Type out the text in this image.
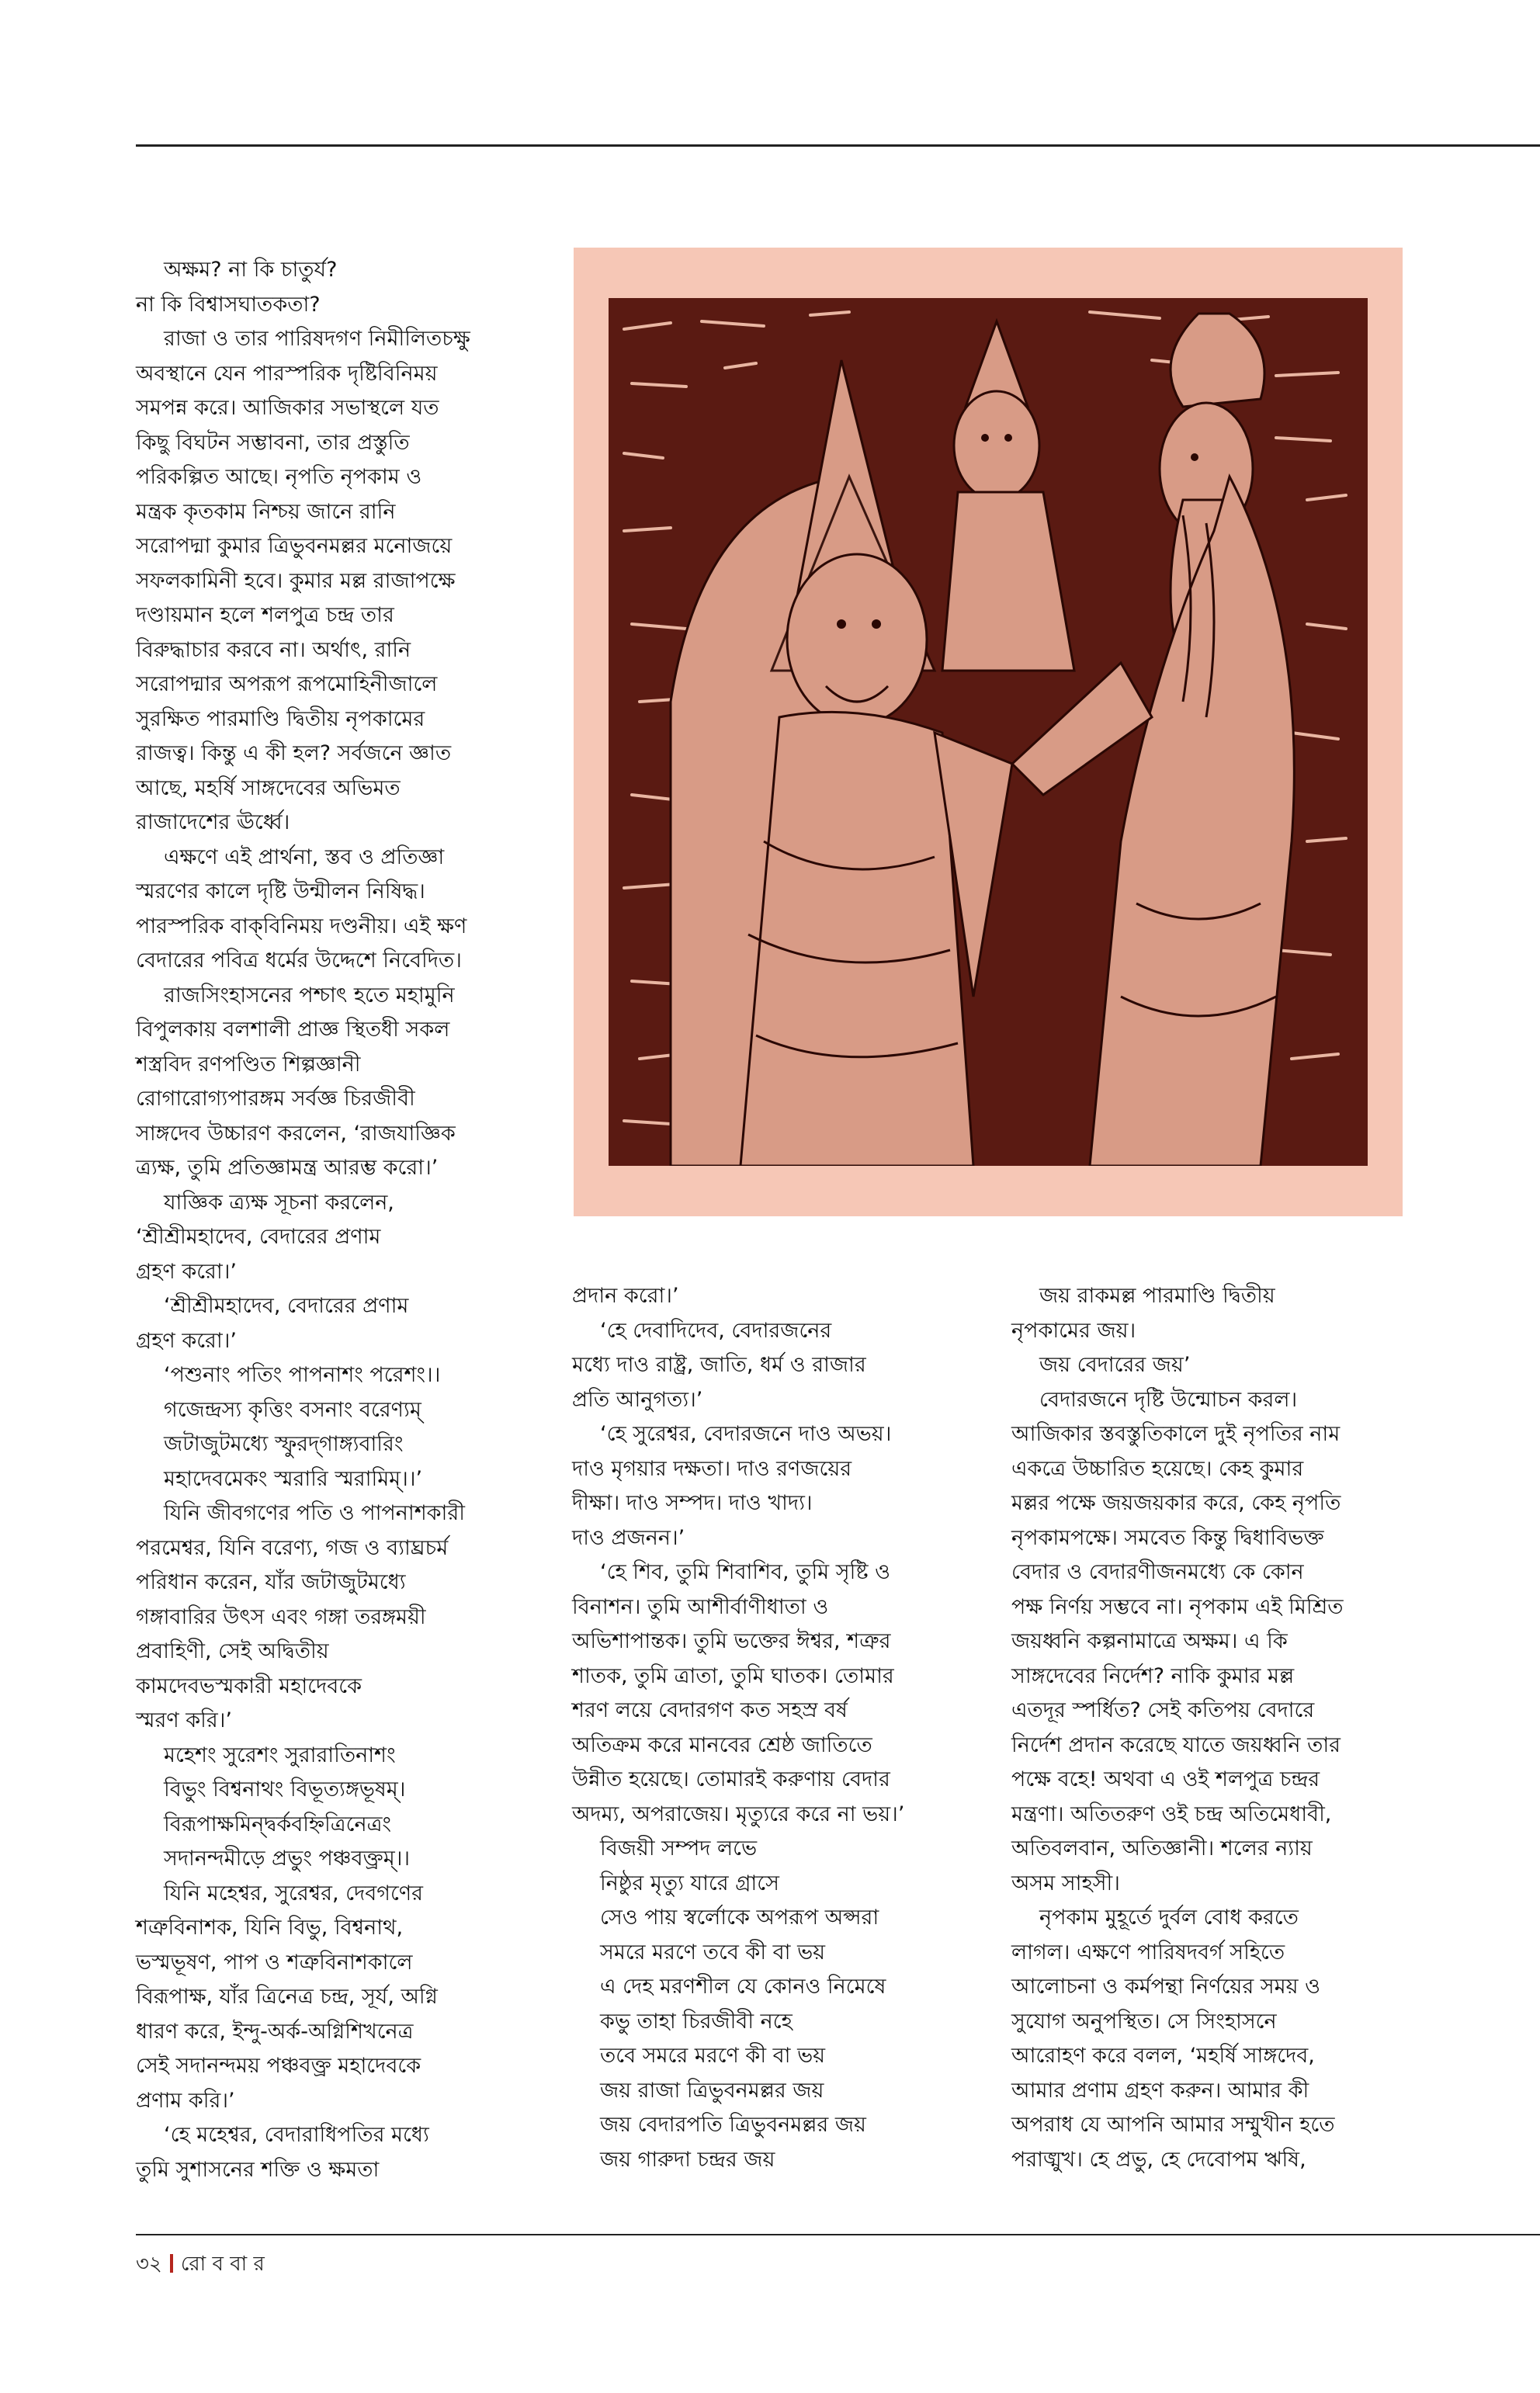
অক্ষম? না কি চাতুর্য?

না কি বিশ্বাসঘাতকতা?

রাজা ও তার পারিষদগণ নিমীলিতচক্ষু

অবস্থানে যেন পারস্পরিক দৃষ্টিবিনিময়

সমপন্ন করে। আজিকার সভাস্থলে যত

কিছু বিঘটন সম্ভাবনা, তার প্রস্তুতি

পরিকল্পিত আছে। নৃপতি নৃপকাম ও

মন্ত্রক কৃতকাম নিশ্চয় জানে রানি

সরোপদ্মা কুমার ত্রিভুবনমল্লর মনোজয়ে

সফলকামিনী হবে। কুমার মল্ল রাজাপক্ষে

দণ্ডায়মান হলে শলপুত্র চন্দ্র তার

বিরুদ্ধাচার করবে না। অর্থাৎ, রানি

সরোপদ্মার অপরূপ রূপমোহিনীজালে

সুরক্ষিত পারমাণ্ডি দ্বিতীয় নৃপকামের

রাজত্ব। কিন্তু এ কী হল? সর্বজনে জ্ঞাত

আছে, মহর্ষি সাঙ্গদেবের অভিমত

রাজাদেশের ঊর্ধ্বে।

এক্ষণে এই প্রার্থনা, স্তব ও প্রতিজ্ঞা

স্মরণের কালে দৃষ্টি উন্মীলন নিষিদ্ধ।

পারস্পরিক বাক্‌বিনিময় দণ্ডনীয়। এই ক্ষণ

বেদারের পবিত্র ধর্মের উদ্দেশে নিবেদিত।

রাজসিংহাসনের পশ্চাৎ হতে মহামুনি

বিপুলকায় বলশালী প্রাজ্ঞ স্থিতধী সকল

শস্ত্রবিদ রণপণ্ডিত শিল্পজ্ঞানী

রোগারোগ্যপারঙ্গম সর্বজ্ঞ চিরজীবী

সাঙ্গদেব উচ্চারণ করলেন, ‘রাজযাজ্ঞিক

ত্র্যক্ষ, তুমি প্রতিজ্ঞামন্ত্র আরম্ভ করো।’

যাজ্ঞিক ত্র্যক্ষ সূচনা করলেন,

‘শ্রীশ্রীমহাদেব, বেদারের প্রণাম

গ্রহণ করো।’

‘শ্রীশ্রীমহাদেব, বেদারের প্রণাম

গ্রহণ করো।’

‘পশুনাং পতিং পাপনাশং পরেশং।।

গজেন্দ্রস্য কৃত্তিং বসনাং বরেণ্যম্‌

জটাজুটমধ্যে স্ফুরদ্‌গাঙ্গ্যবারিং

মহাদেবমেকং স্মরারি স্মরামিম্‌।।’

যিনি জীবগণের পতি ও পাপনাশকারী

পরমেশ্বর, যিনি বরেণ্য, গজ ও ব্যাঘ্রচর্ম

পরিধান করেন, যাঁর জটাজুটমধ্যে

গঙ্গাবারির উৎস এবং গঙ্গা তরঙ্গময়ী

প্রবাহিণী, সেই অদ্বিতীয়

কামদেবভস্মকারী মহাদেবকে

স্মরণ করি।’

মহেশং সুরেশং সুরারাতিনাশং

বিভুং বিশ্বনাথং বিভূত্যঙ্গভূষম্‌।

বিরূপাক্ষমিন্দ্বর্কবহ্নিত্রিনেত্রং

সদানন্দমীড়ে প্রভুং পঞ্চবক্ত্রম্‌।।

যিনি মহেশ্বর, সুরেশ্বর, দেবগণের

শত্রুবিনাশক, যিনি বিভু, বিশ্বনাথ,

ভস্মভূষণ, পাপ ও শত্রুবিনাশকালে

বিরূপাক্ষ, যাঁর ত্রিনেত্র চন্দ্র, সূর্য, অগ্নি

ধারণ করে, ইন্দু-অর্ক-অগ্নিশিখনেত্র

সেই সদানন্দময় পঞ্চবক্ত্র মহাদেবকে

প্রণাম করি।’

‘হে মহেশ্বর, বেদারাধিপতির মধ্যে

তুমি সুশাসনের শক্তি ও ক্ষমতা

প্রদান করো।’

‘হে দেবাদিদেব, বেদারজনের

মধ্যে দাও রাষ্ট্র, জাতি, ধর্ম ও রাজার

প্রতি আনুগত্য।’

‘হে সুরেশ্বর, বেদারজনে দাও অভয়।

দাও মৃগয়ার দক্ষতা। দাও রণজয়ের

দীক্ষা। দাও সম্পদ। দাও খাদ্য।

দাও প্রজনন।’

‘হে শিব, তুমি শিবাশিব, তুমি সৃষ্টি ও

বিনাশন। তুমি আশীর্বাণীধাতা ও

অভিশাপান্তক। তুমি ভক্তের ঈশ্বর, শত্রুর

শাতক, তুমি ত্রাতা, তুমি ঘাতক। তোমার

শরণ লয়ে বেদারগণ কত সহস্র বর্ষ

অতিক্রম করে মানবের শ্রেষ্ঠ জাতিতে

উন্নীত হয়েছে। তোমারই করুণায় বেদার

অদম্য, অপরাজেয়। মৃত্যুরে করে না ভয়।’

বিজয়ী সম্পদ লভে

নিষ্ঠুর মৃত্যু যারে গ্রাসে

সেও পায় স্বর্লোকে অপরূপ অপ্সরা

সমরে মরণে তবে কী বা ভয়

এ দেহ মরণশীল যে কোনও নিমেষে

কভু তাহা চিরজীবী নহে

তবে সমরে মরণে কী বা ভয়

জয় রাজা ত্রিভুবনমল্লর জয়

জয় বেদারপতি ত্রিভুবনমল্লর জয়

জয় গারুদা চন্দ্রর জয়

জয় রাকমল্ল পারমাণ্ডি দ্বিতীয়

নৃপকামের জয়।

জয় বেদারের জয়’

বেদারজনে দৃষ্টি উন্মোচন করল।

আজিকার স্তবস্তুতিকালে দুই নৃপতির নাম

একত্রে উচ্চারিত হয়েছে। কেহ কুমার

মল্লর পক্ষে জয়জয়কার করে, কেহ নৃপতি

নৃপকামপক্ষে। সমবেত কিন্তু দ্বিধাবিভক্ত

বেদার ও বেদারণীজনমধ্যে কে কোন

পক্ষ নির্ণয় সম্ভবে না। নৃপকাম এই মিশ্রিত

জয়ধ্বনি কল্পনামাত্রে অক্ষম। এ কি

সাঙ্গদেবের নির্দেশ? নাকি কুমার মল্ল

এতদূর স্পর্ধিত? সেই কতিপয় বেদারে

নির্দেশ প্রদান করেছে যাতে জয়ধ্বনি তার

পক্ষে বহে! অথবা এ ওই শলপুত্র চন্দ্রর

মন্ত্রণা। অতিতরুণ ওই চন্দ্র অতিমেধাবী,

অতিবলবান, অতিজ্ঞানী। শলের ন্যায়

অসম সাহসী।

নৃপকাম মুহূর্তে দুর্বল বোধ করতে

লাগল। এক্ষণে পারিষদবর্গ সহিতে

আলোচনা ও কর্মপন্থা নির্ণয়ের সময় ও

সুযোগ অনুপস্থিত। সে সিংহাসনে

আরোহণ করে বলল, ‘মহর্ষি সাঙ্গদেব,

আমার প্রণাম গ্রহণ করুন। আমার কী

অপরাধ যে আপনি আমার সম্মুখীন হতে

পরাঙ্মুখ। হে প্রভু, হে দেবোপম ঋষি,

৩২ রো ব বা র
